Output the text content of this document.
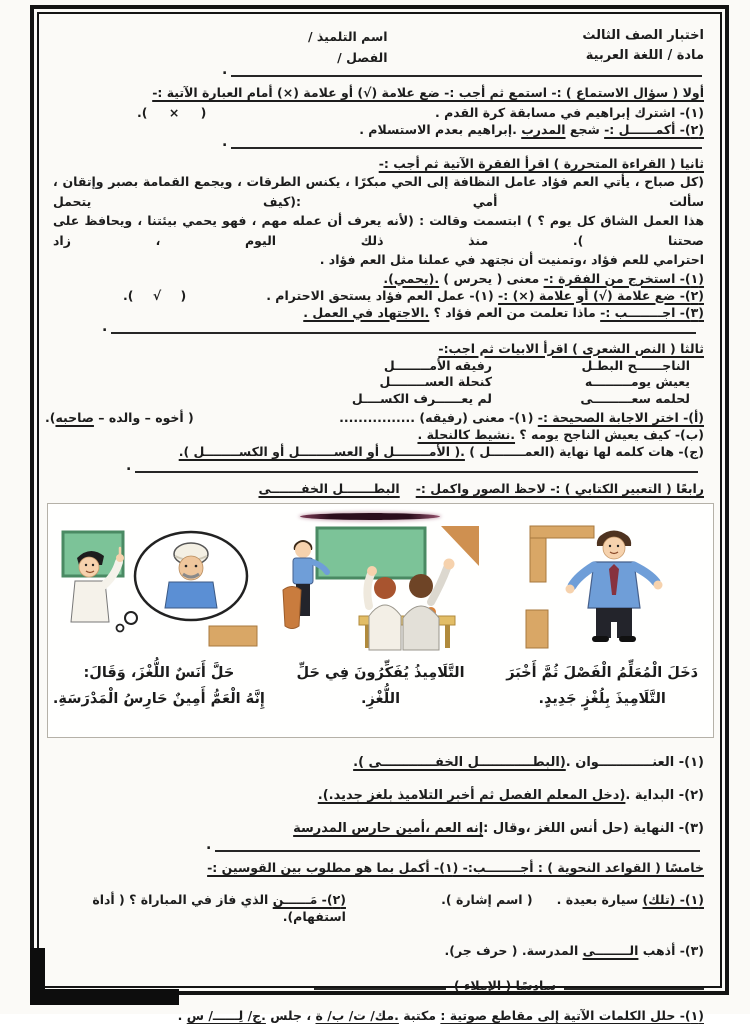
اختبار الصف الثالث
مادة / اللغة العربية
اسم التلميذ /
الفصل /
.
أولا ( سؤال الاستماع ) :- استمع ثم أجب :- ضع علامة (√) أو علامة (×) أمام العبارة الآتية :-
(١)- اشترك إبراهيم في مسابقة كرة القدم .
( × ).
(٢)- أكمــــــل :- شجع المدرب .إبراهيم بعدم الاستسلام .
.
ثانيا ( القراءة المتحررة ) اقرأ الفقرة الآتية ثم أجب :-
(كل صباح ، يأتي العم فؤاد عامل النظافة إلى الحي مبكرًا ، يكنس الطرقات ، ويجمع القمامة بصبر وإتقان ، سألت أمي :(كيف يتحمل
هذا العمل الشاق كل يوم ؟ ) ابتسمت وقالت : (لأنه يعرف أن عمله مهم ، فهو يحمي بيئتنا ، ويحافظ على صحتنا ). منذ ذلك اليوم ، زاد
احترامي للعم فؤاد ،وتمنيت أن نجتهد في عملنا مثل العم فؤاد .
(١)- استخرج من الفقرة :- معنى ( يحرس ) .(يحمي).
(٢)- ضع علامة (√) أو علامة (×) :- (١)- عمل العم فؤاد يستحق الاحترام .
( √ ).
(٣)- اجــــــــب :- ماذا تعلمت من العم فؤاد ؟ .الاجتهاد في العمل .
.
ثالثا ( النص الشعرى ) اقرأ الابيات ثم اجب:-
الناجــــــح البطـل
رفيقه الأمــــــــل
يعيش يومـــــــــه
كنحلة العســــــــل
لحلمه سعـــــــــى
لم يعــــــرف الكســــل
(أ)- اختر الاجابة الصحيحة :- (١)- معنى (رفيقه) ................
( أخوه – والده – صاحبه).
(ب)- كيف يعيش الناجح يومه ؟ .نشيط كالنحلة .
(ج)- هات كلمه لها نهاية (العمــــــــل ) .( الأمــــــــل أو العســــــــل أو الكســــــــل ).
.
رابعًا ( التعبير الكتابي ) :- لاحظ الصور واكمل :-البطـــــــل الخفـــــــى
دَخَلَ الْمُعَلِّمُ الْفَصْلَ ثُمَّ أَخْبَرَ
التَّلَامِيذَ بِلُغْزٍ جَدِيدٍ.
التَّلَامِيذُ يُفَكِّرُونَ فِي حَلِّ
اللُّغْزِ.
حَلَّ أَنَسٌ اللُّغْزَ، وَقَالَ:
إِنَّهُ الْعَمُّ أَمِينٌ حَارِسُ الْمَدْرَسَةِ.
(١)- العنــــــــــــوان .(البطــــــــــــل الخفــــــــــــى ).
(٢)- البداية .(دخل المعلم الفصل ثم أخبر التلاميذ بلغز جديد.).
(٣)- النهاية (حل أنس اللغز ،وقال :إنه العم ،أمين حارس المدرسة
.
خامسًا ( القواعد النحوية ) : أجــــــــب:- (١)- أكمل بما هو مطلوب بين القوسين :-
(١)- (تلك) سيارة بعيدة .( اسم إشارة ).
(٢)- مَــــــن الذي فاز في المباراة ؟ ( أداة استفهام).
(٣)- أذهب الــــــــى المدرسة. ( حرف جر).
سادسًا ( الإملاء )
(١)- حلل الكلمات الآتية إلى مقاطع صوتية : مكتبة .مك/ ت/ ب/ ة ، جلس .ج/ لِــــــ/ س .
